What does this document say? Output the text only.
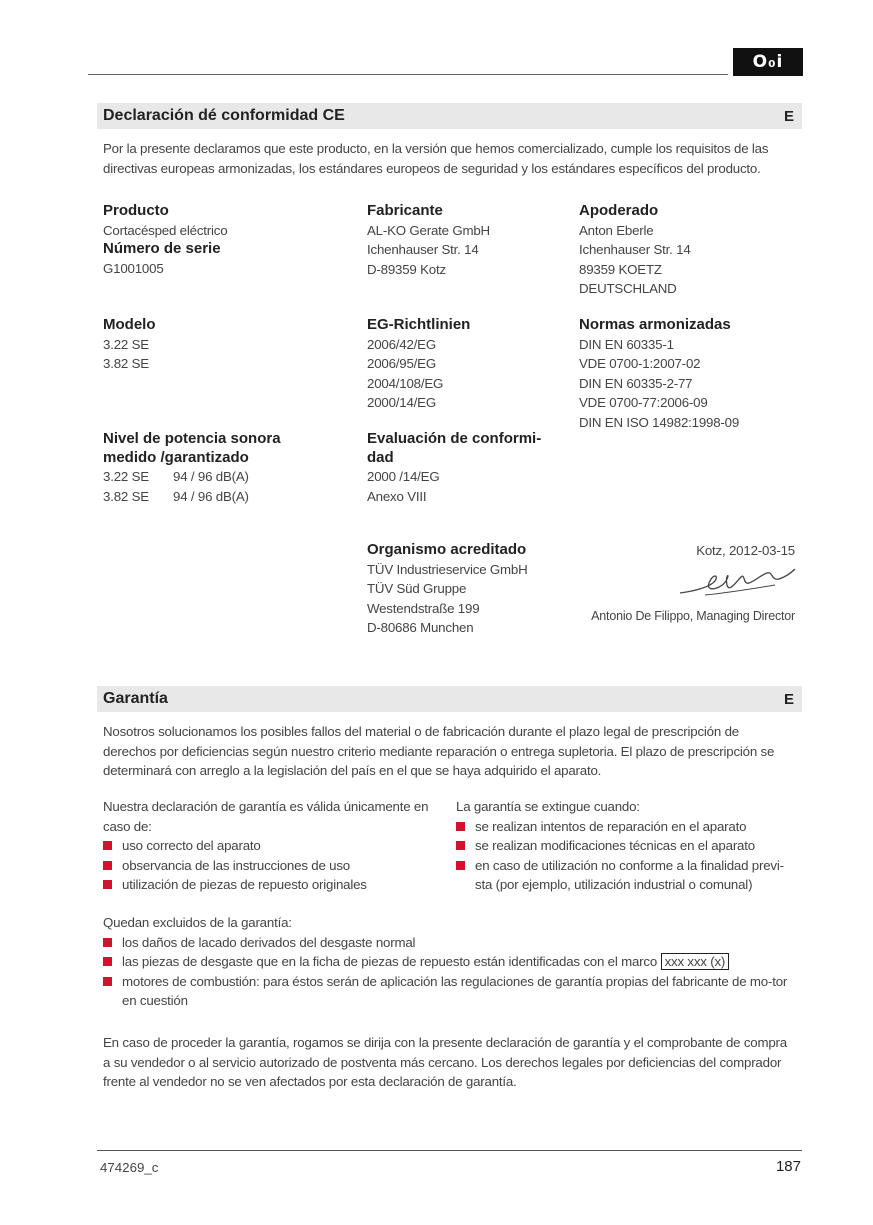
O₀i
Declaración dé conformidad CE	E

Por la presente declaramos que este producto, en la versión que hemos comercializado, cumple los requisitos de las directivas europeas armonizadas, los estándares europeos de seguridad y los estándares específicos del producto.

Producto
Cortacésped eléctrico
Número de serie
G1001005
Fabricante
AL-KO Gerate GmbH
Ichenhauser Str. 14
D-89359 Kotz
Apoderado
Anton Eberle
Ichenhauser Str. 14
89359 KOETZ
DEUTSCHLAND
Modelo
3.22 SE
3.82 SE
EG-Richtlinien
2006/42/EG
2006/95/EG
2004/108/EG
2000/14/EG
Normas armonizadas
DIN EN 60335-1
VDE 0700-1:2007-02
DIN EN 60335-2-77
VDE 0700-77:2006-09
DIN EN ISO 14982:1998-09
Nivel de potencia sonora
medido /garantizado
3.22 SE	94 / 96 dB(A)
3.82 SE	94 / 96 dB(A)
Evaluación de conformi-
dad
2000 /14/EG
Anexo VIII
Organismo acreditado
TÜV Industrieservice GmbH
TÜV Süd Gruppe
Westendstraße 199
D-80686 Munchen
Kotz, 2012-03-15
Antonio De Filippo, Managing Director
Garantía	E

Nosotros solucionamos los posibles fallos del material o de fabricación durante el plazo legal de prescripción de derechos por deficiencias según nuestro criterio mediante reparación o entrega supletoria. El plazo de prescripción se determinará con arreglo a la legislación del país en el que se haya adquirido el aparato.

Nuestra declaración de garantía es válida únicamente en caso de:
uso correcto del aparato
observancia de las instrucciones de uso
utilización de piezas de repuesto originales
La garantía se extingue cuando:
se realizan intentos de reparación en el aparato
se realizan modificaciones técnicas en el aparato
en caso de utilización no conforme a la finalidad previ-sta (por ejemplo, utilización industrial o comunal)
Quedan excluidos de la garantía:
los daños de lacado derivados del desgaste normal
las piezas de desgaste que en la ficha de piezas de repuesto están identificadas con el marco xxx xxx (x)
motores de combustión: para éstos serán de aplicación las regulaciones de garantía propias del fabricante de mo-tor en cuestión

En caso de proceder la garantía, rogamos se dirija con la presente declaración de garantía y el comprobante de compra a su vendedor o al servicio autorizado de postventa más cercano. Los derechos legales por deficiencias del comprador frente al vendedor no se ven afectados por esta declaración de garantía.

474269_c	187
